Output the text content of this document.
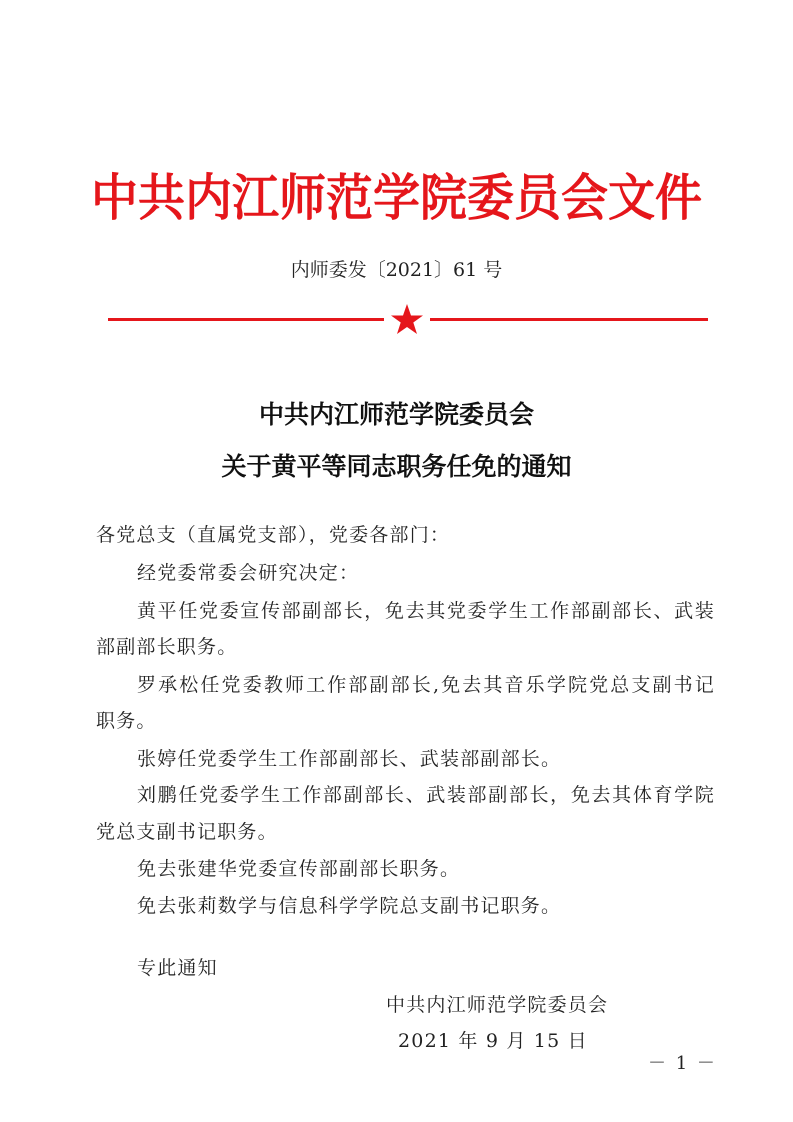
中共内江师范学院委员会文件
内师委发〔2021〕61 号
中共内江师范学院委员会
关于黄平等同志职务任免的通知
各党总支（直属党支部），党委各部门：
经党委常委会研究决定：
黄平任党委宣传部副部长，免去其党委学生工作部副部长、武装
部副部长职务。
罗承松任党委教师工作部副部长,免去其音乐学院党总支副书记
职务。
张婷任党委学生工作部副部长、武装部副部长。
刘鹏任党委学生工作部副部长、武装部副部长，免去其体育学院
党总支副书记职务。
免去张建华党委宣传部副部长职务。
免去张莉数学与信息科学学院总支副书记职务。
专此通知
中共内江师范学院委员会
2021 年 9 月 15 日
－ 1 －
